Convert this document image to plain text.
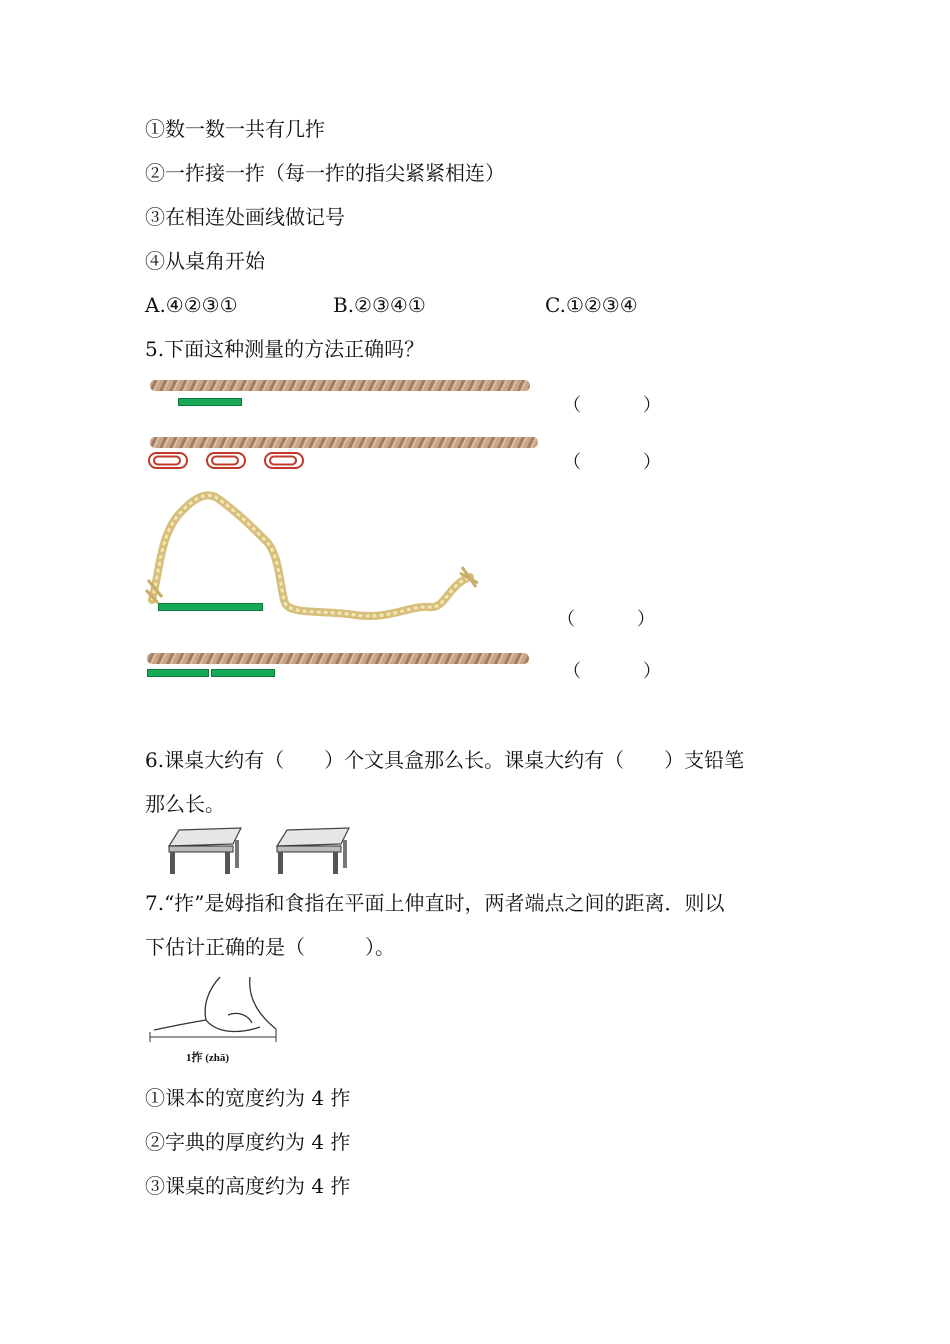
①数一数一共有几拃
②一拃接一拃（每一拃的指尖紧紧相连）
③在相连处画线做记号
④从桌角开始
A.④②③①	B.②③④①	C.①②③④
5.下面这种测量的方法正确吗？
（	）
（	）
（	）
（	）
6.课桌大约有（　　）个文具盒那么长。课桌大约有（　　）支铅笔
那么长。
7.“拃”是姆指和食指在平面上伸直时，两者端点之间的距离．则以
下估计正确的是（　　　）。
1拃 (zhā)
①课本的宽度约为 4 拃
②字典的厚度约为 4 拃
③课桌的高度约为 4 拃
